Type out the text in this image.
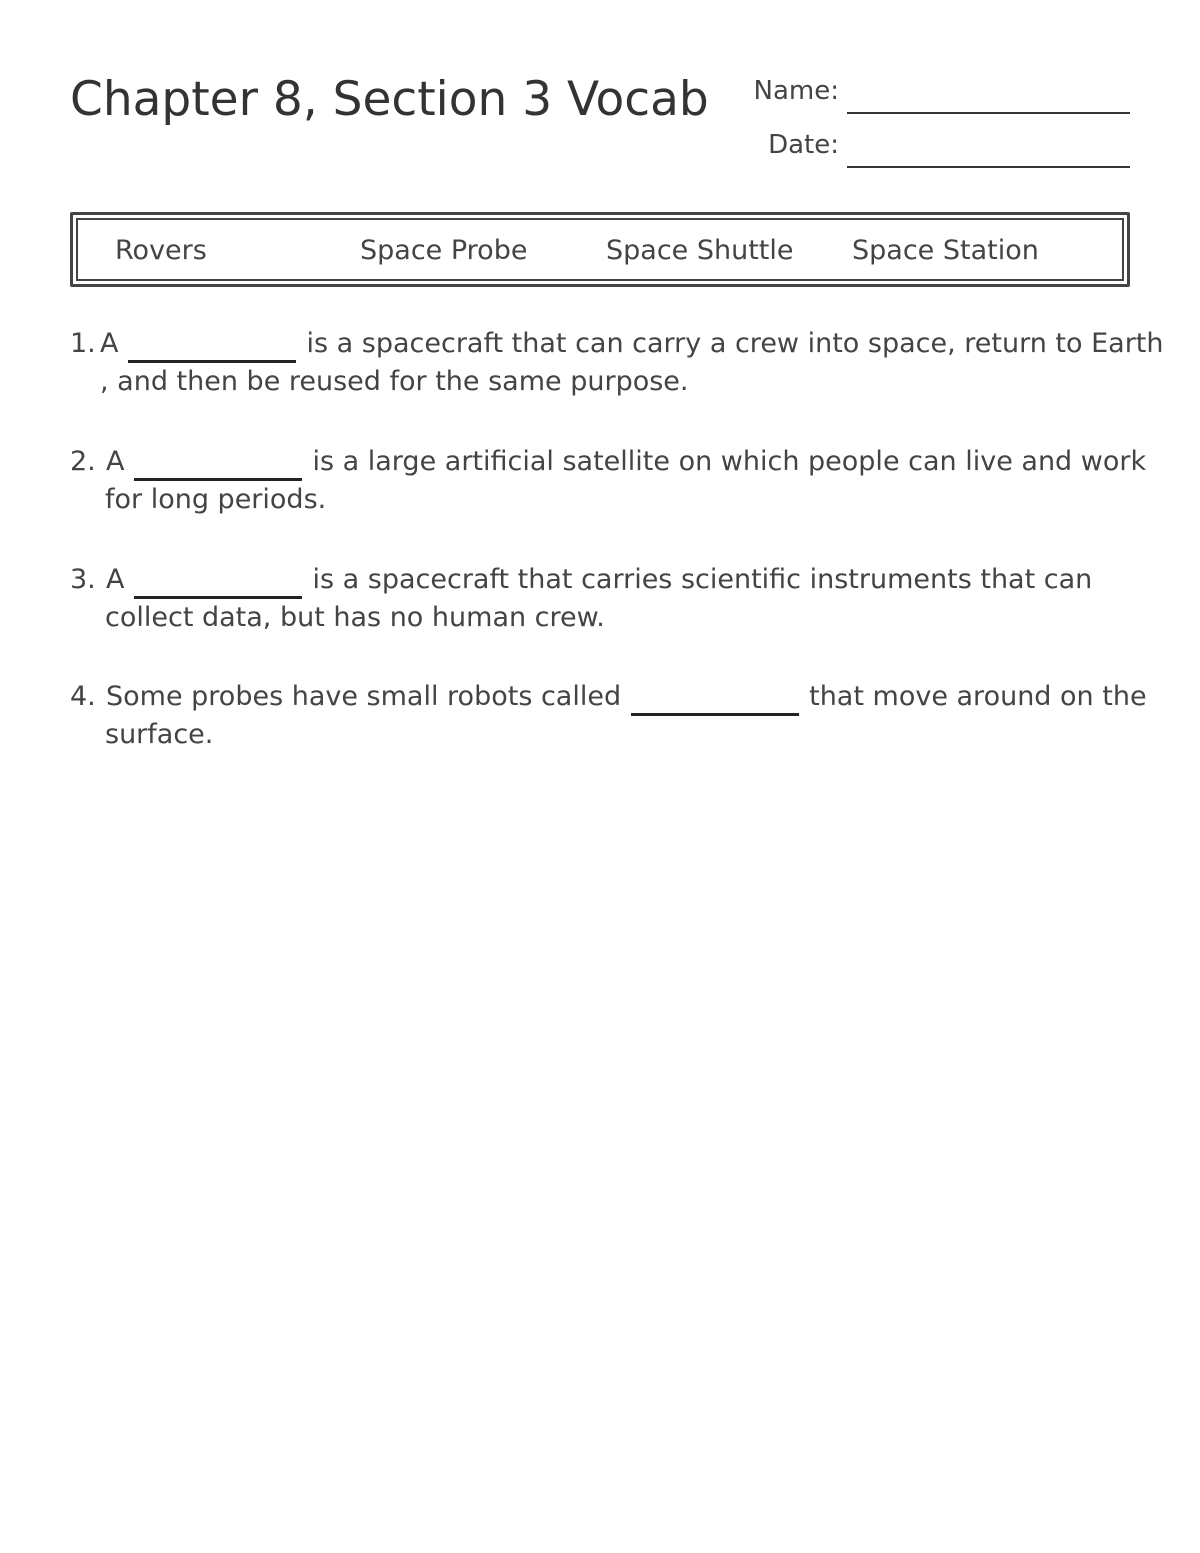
Chapter 8, Section 3 Vocab Name:
Date:
Rovers	Space Probe	Space Shuttle Space Station
1. A	is a spacecraft that can carry a crew into space, return to Earth
, and then be reused for the same purpose.
2. A	is a large artificial satellite on which people can live and work
for long periods.
3. A	is a spacecraft that carries scientific instruments that can
collect data, but has no human crew.
4. Some probes have small robots called	that move around on the
surface.
